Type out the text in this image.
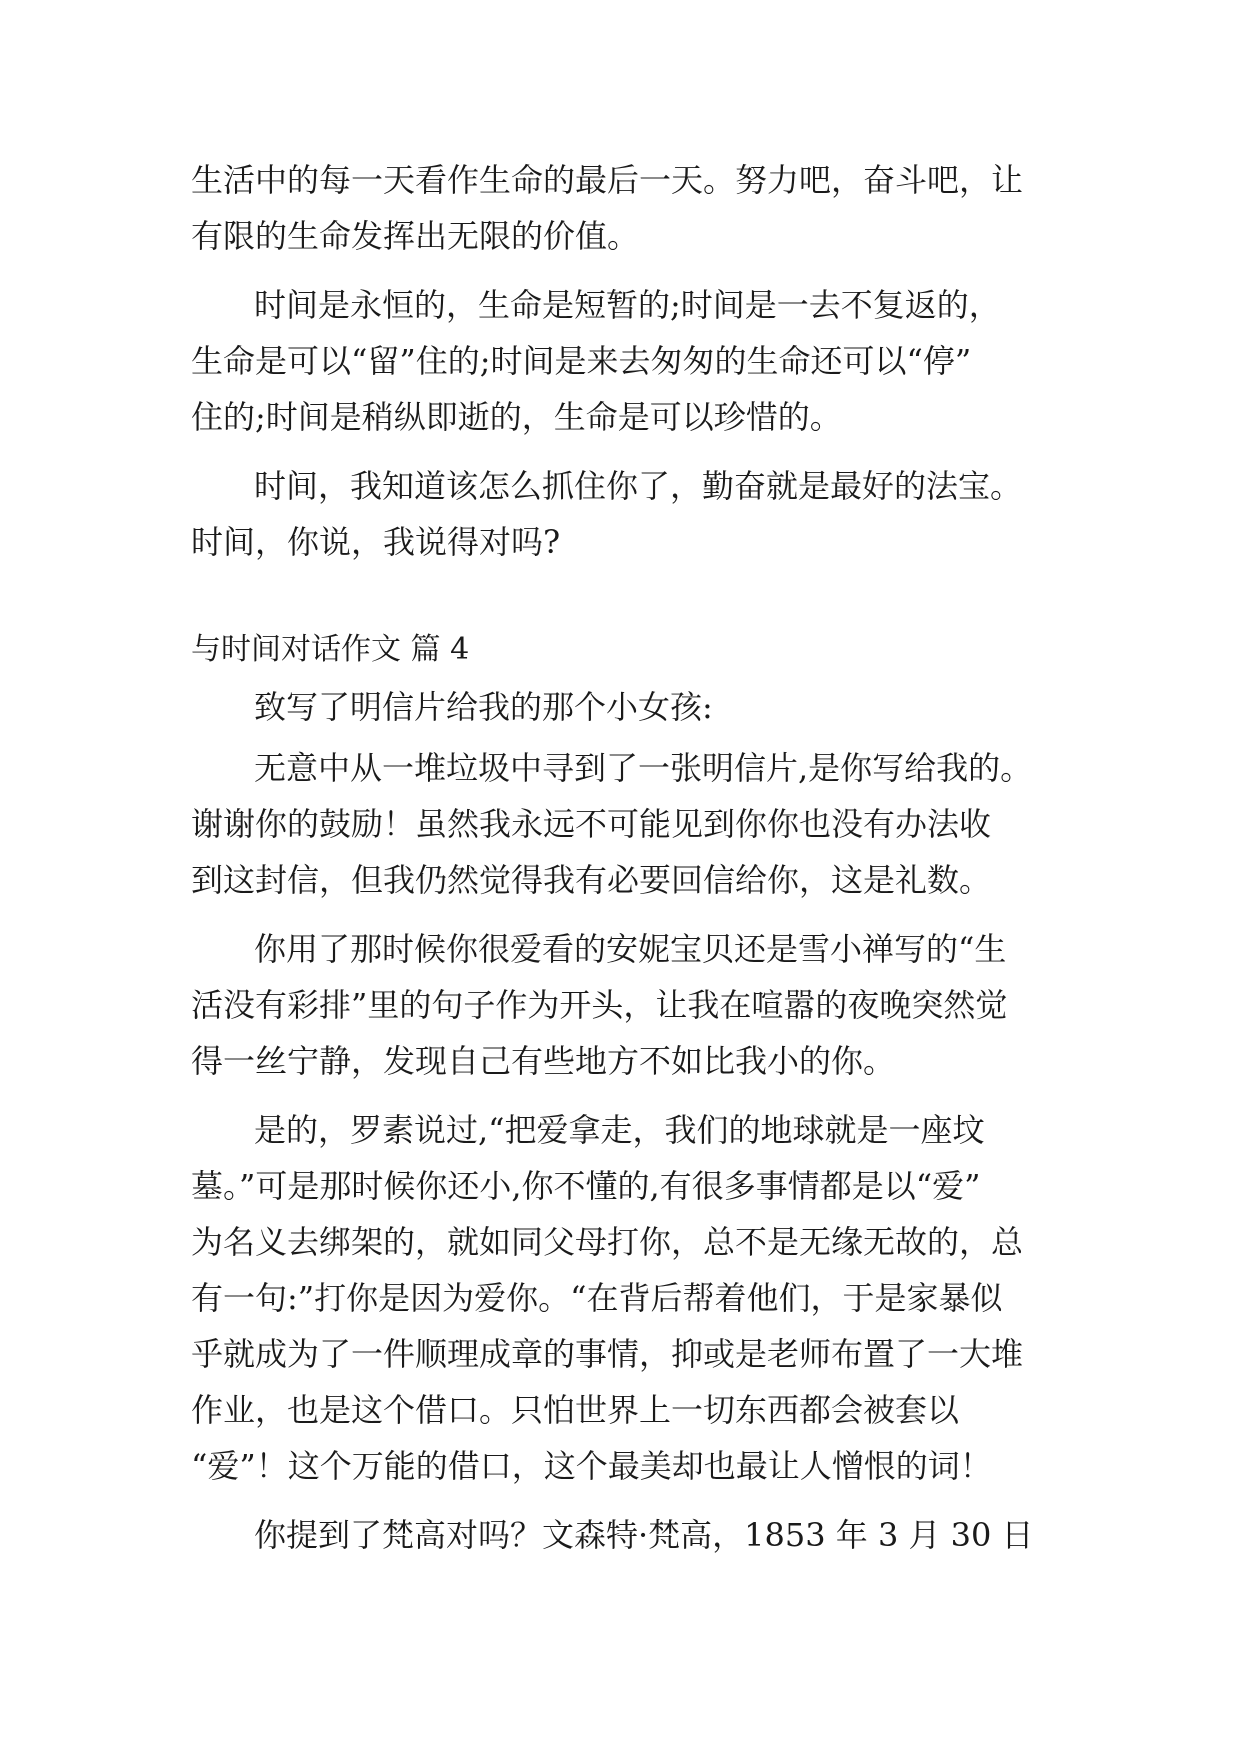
生活中的每一天看作生命的最后一天。努力吧，奋斗吧，让
有限的生命发挥出无限的价值。
时间是永恒的，生命是短暂的;时间是一去不复返的，
生命是可以“留”住的;时间是来去匆匆的生命还可以“停”
住的;时间是稍纵即逝的，生命是可以珍惜的。
时间，我知道该怎么抓住你了，勤奋就是最好的法宝。
时间，你说，我说得对吗?
与时间对话作文 篇 4
致写了明信片给我的那个小女孩:
无意中从一堆垃圾中寻到了一张明信片,是你写给我的。
谢谢你的鼓励！虽然我永远不可能见到你你也没有办法收
到这封信，但我仍然觉得我有必要回信给你，这是礼数。
你用了那时候你很爱看的安妮宝贝还是雪小禅写的“生
活没有彩排”里的句子作为开头，让我在喧嚣的夜晚突然觉
得一丝宁静，发现自己有些地方不如比我小的你。
是的，罗素说过,“把爱拿走，我们的地球就是一座坟
墓。”可是那时候你还小,你不懂的,有很多事情都是以“爱”
为名义去绑架的，就如同父母打你，总不是无缘无故的，总
有一句:”打你是因为爱你。“在背后帮着他们，于是家暴似
乎就成为了一件顺理成章的事情，抑或是老师布置了一大堆
作业，也是这个借口。只怕世界上一切东西都会被套以
“爱”！这个万能的借口，这个最美却也最让人憎恨的词！
你提到了梵高对吗？文森特·梵高，1853 年 3 月 30 日
